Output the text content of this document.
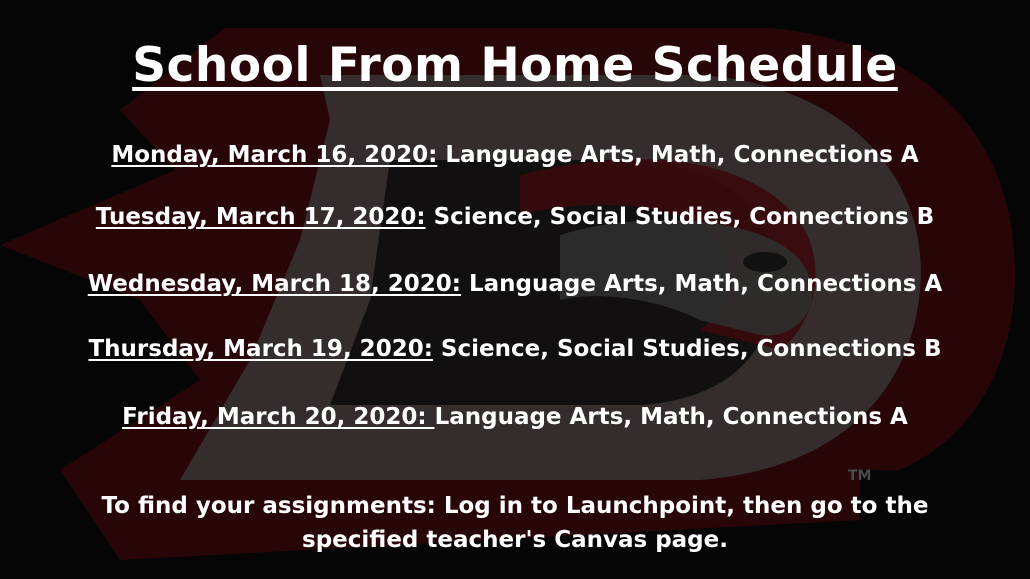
TM
School From Home Schedule
Monday, March 16, 2020: Language Arts, Math, Connections A
Tuesday, March 17, 2020: Science, Social Studies, Connections B
Wednesday, March 18, 2020: Language Arts, Math, Connections A
Thursday, March 19, 2020: Science, Social Studies, Connections B
Friday, March 20, 2020: Language Arts, Math, Connections A
To find your assignments: Log in to Launchpoint, then go to the specified teacher's Canvas page.
